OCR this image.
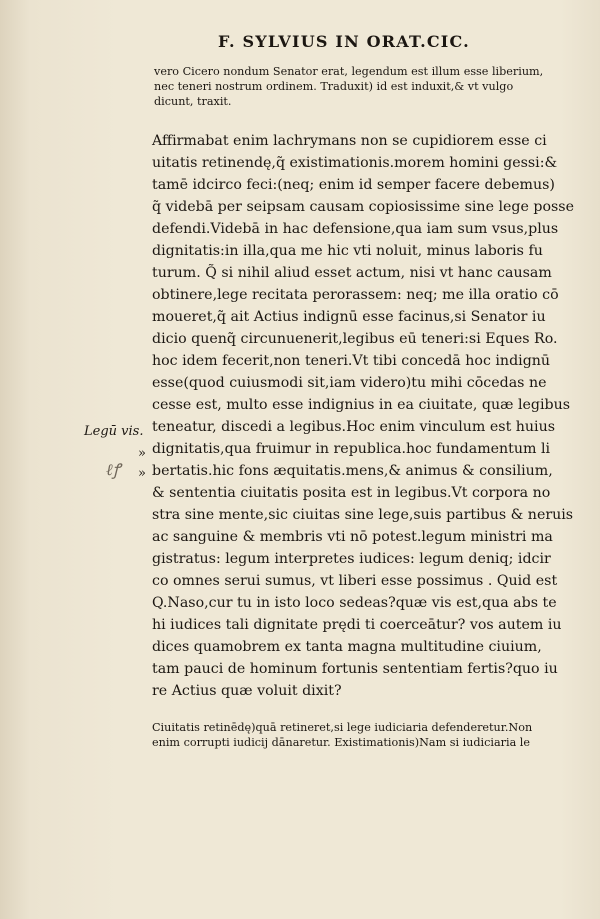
F. SYLVIUS IN ORAT.CIC.
vero Cicero nondum Senator erat, legendum est illum esse liberium,
nec teneri nostrum ordinem. Traduxit) id est induxit,& vt vulgo
dicunt, traxit.
Affirmabat enim lachrymans non se cupidiorem esse ci
uitatis retinendę,q̃ existimationis.morem homini gessi:&
tamē idcirco feci:(neq; enim id semper facere debemus)
q̃ videbā per seipsam causam copiosissime sine lege posse
defendi.Videbā in hac defensione,qua iam sum vsus,plus
dignitatis:in illa,qua me hic vti noluit, minus laboris fu
turum. Q̃ si nihil aliud esset actum, nisi vt hanc causam
obtinere,lege recitata perorassem: neq; me illa oratio cō
moueret,q̃ ait Actius indignū esse facinus,si Senator iu
dicio quenq̃ circunuenerit,legibus eū teneri:si Eques Ro.
hoc idem fecerit,non teneri.Vt tibi concedā hoc indignū
esse(quod cuiusmodi sit,iam videro)tu mihi cōcedas ne
cesse est, multo esse indignius in ea ciuitate, quæ legibus
teneatur, discedi a legibus.Hoc enim vinculum est huius
dignitatis,qua fruimur in republica.hoc fundamentum li
bertatis.hic fons æquitatis.mens,& animus & consilium,
& sententia ciuitatis posita est in legibus.Vt corpora no
stra sine mente,sic ciuitas sine lege,suis partibus & neruis
ac sanguine & membris vti nō potest.legum ministri ma
gistratus: legum interpretes iudices: legum deniq; idcir
co omnes serui sumus, vt liberi esse possimus . Quid est
Q.Naso,cur tu in isto loco sedeas?quæ vis est,qua abs te
hi iudices tali dignitate prędi ti coerceātur? vos autem iu
dices quamobrem ex tanta magna multitudine ciuium,
tam pauci de hominum fortunis sententiam fertis?quo iu
re Actius quæ voluit dixit?
Ciuitatis retinēdę)quā retineret,si lege iudiciaria defenderetur.Non
enim corrupti iudicij dānaretur. Existimationis)Nam si iudiciaria le
Legū vis.
»
»
ℓꝭ
